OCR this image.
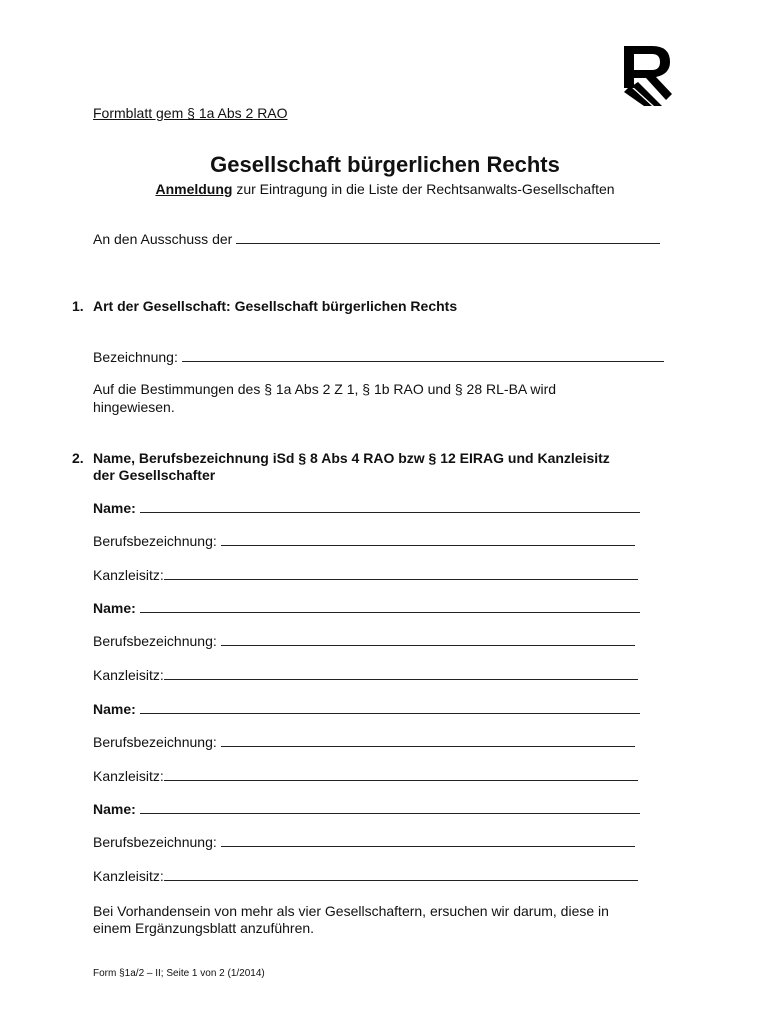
Formblatt gem § 1a Abs 2 RAO
Gesellschaft bürgerlichen Rechts
Anmeldung zur Eintragung in die Liste der Rechtsanwalts-Gesellschaften
An den Ausschuss der
1. Art der Gesellschaft: Gesellschaft bürgerlichen Rechts
Bezeichnung:
Auf die Bestimmungen des § 1a Abs 2 Z 1, § 1b RAO und § 28 RL-BA wird
hingewiesen.
2. Name, Berufsbezeichnung iSd § 8 Abs 4 RAO bzw § 12 EIRAG und Kanzleisitz
der Gesellschafter
Name:
Berufsbezeichnung:
Kanzleisitz:
Name:
Berufsbezeichnung:
Kanzleisitz:
Name:
Berufsbezeichnung:
Kanzleisitz:
Name:
Berufsbezeichnung:
Kanzleisitz:
Bei Vorhandensein von mehr als vier Gesellschaftern, ersuchen wir darum, diese in
einem Ergänzungsblatt anzuführen.
Form §1a/2 – II; Seite 1 von 2 (1/2014)
